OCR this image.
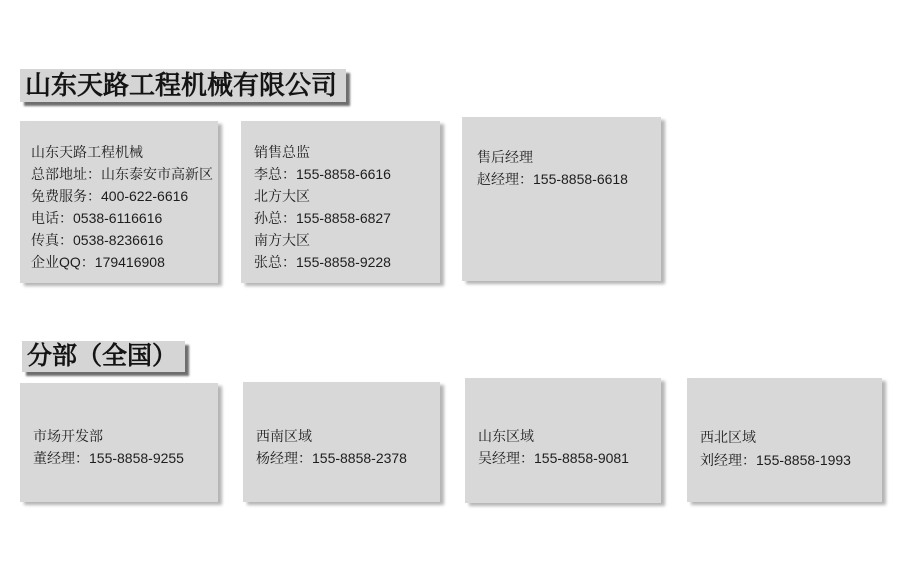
山东天路工程机械有限公司
山东天路工程机械
总部地址：山东泰安市高新区
免费服务：400-622-6616
电话：0538-6116616
传真：0538-8236616
企业QQ：179416908
销售总监
李总：155-8858-6616
北方大区
孙总：155-8858-6827
南方大区
张总：155-8858-9228
售后经理
赵经理：155-8858-6618
分部（全国）
市场开发部
董经理：155-8858-9255
西南区域
杨经理：155-8858-2378
山东区域
吴经理：155-8858-9081
西北区域
刘经理：155-8858-1993
